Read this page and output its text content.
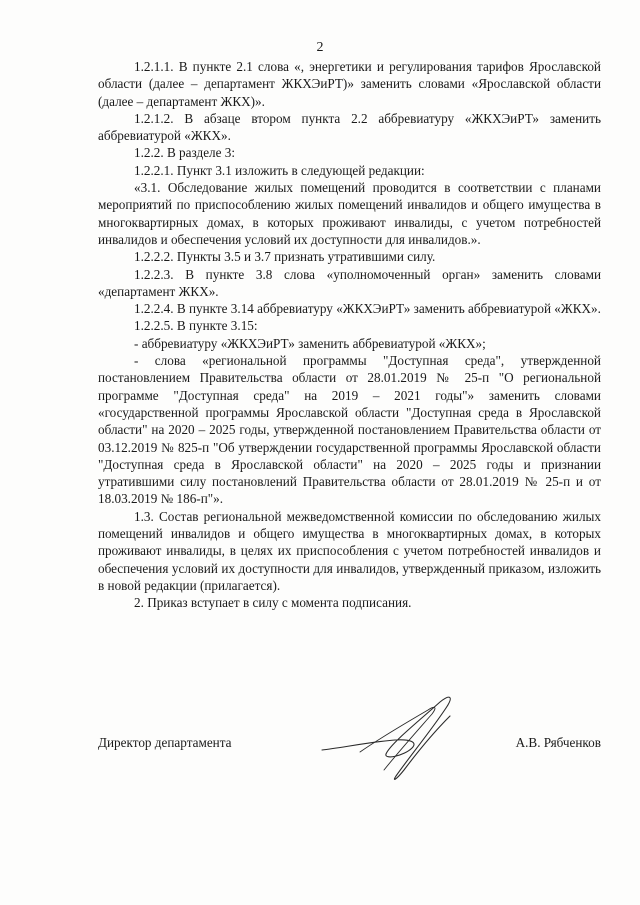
2

1.2.1.1. В пункте 2.1 слова «, энергетики и регулирования тарифов Ярославской области (далее – департамент ЖКХЭиРТ)» заменить словами «Ярославской области (далее – департамент ЖКХ)».

1.2.1.2. В абзаце втором пункта 2.2 аббревиатуру «ЖКХЭиРТ» заменить аббревиатурой «ЖКХ».

1.2.2. В разделе 3:

1.2.2.1. Пункт 3.1 изложить в следующей редакции:

«3.1. Обследование жилых помещений проводится в соответствии с планами мероприятий по приспособлению жилых помещений инвалидов и общего имущества в многоквартирных домах, в которых проживают инвалиды, с учетом потребностей инвалидов и обеспечения условий их доступности для инвалидов.».

1.2.2.2. Пункты 3.5 и 3.7 признать утратившими силу.

1.2.2.3. В пункте 3.8 слова «уполномоченный орган» заменить словами «департамент ЖКХ».

1.2.2.4. В пункте 3.14 аббревиатуру «ЖКХЭиРТ» заменить аббревиатурой «ЖКХ».

1.2.2.5. В пункте 3.15:

- аббревиатуру «ЖКХЭиРТ» заменить аббревиатурой «ЖКХ»;

- слова «региональной программы "Доступная среда", утвержденной постановлением Правительства области от 28.01.2019 № 25-п "О региональной программе "Доступная среда" на 2019 – 2021 годы"» заменить словами «государственной программы Ярославской области "Доступная среда в Ярославской области" на 2020 – 2025 годы, утвержденной постановлением Правительства области от 03.12.2019 № 825-п "Об утверждении государственной программы Ярославской области "Доступная среда в Ярославской области" на 2020 – 2025 годы и признании утратившими силу постановлений Правительства области от 28.01.2019 № 25-п и от 18.03.2019 № 186-п"».

1.3. Состав региональной межведомственной комиссии по обследованию жилых помещений инвалидов и общего имущества в многоквартирных домах, в которых проживают инвалиды, в целях их приспособления с учетом потребностей инвалидов и обеспечения условий их доступности для инвалидов, утвержденный приказом, изложить в новой редакции (прилагается).

2. Приказ вступает в силу с момента подписания.

Директор департамента	А.В. Рябченков
